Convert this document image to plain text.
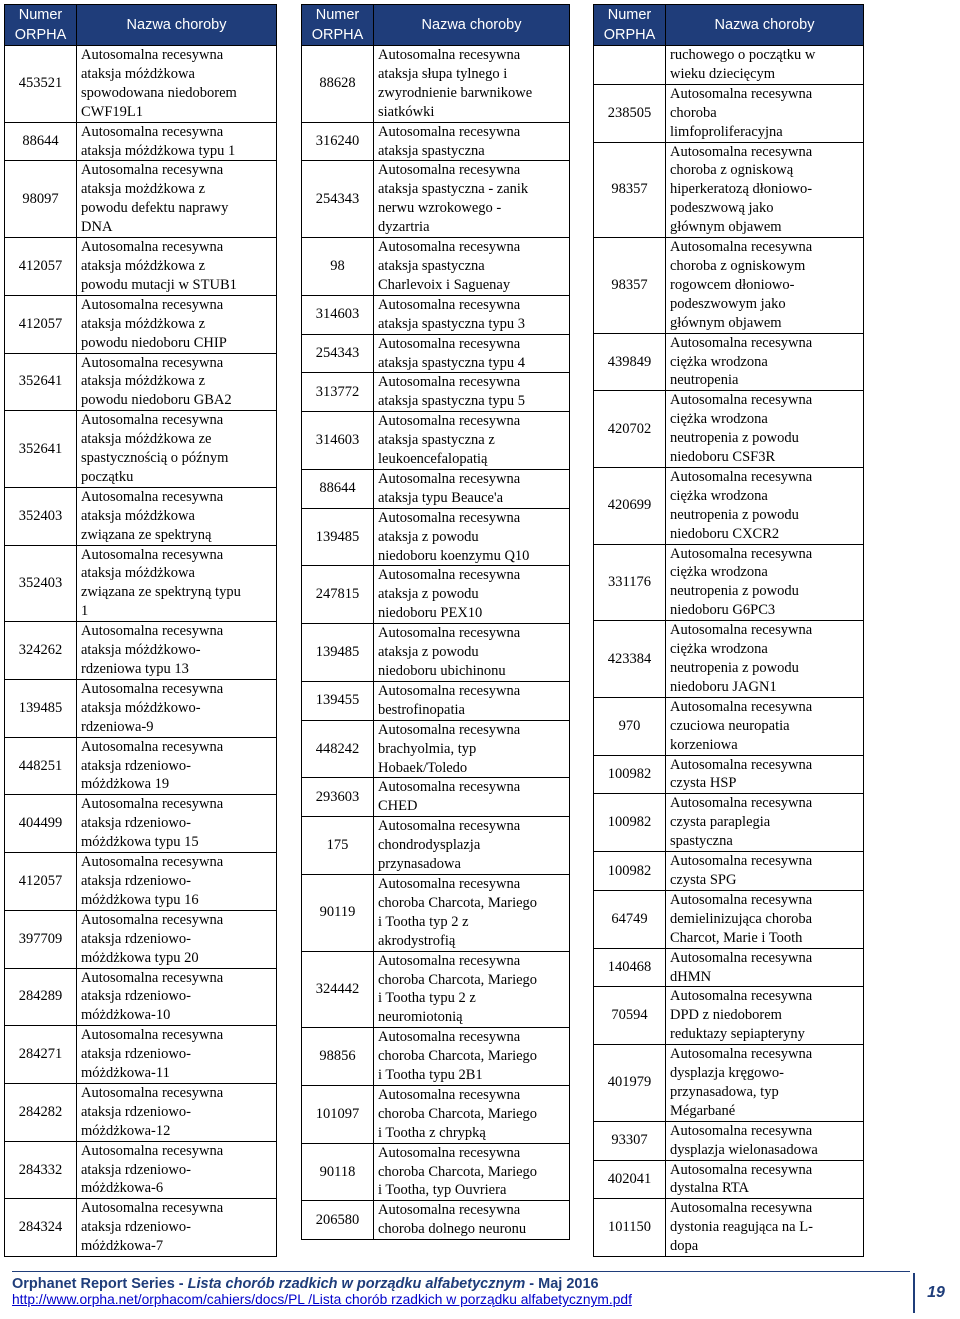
Numer ORPHA	Nazwa choroby
453521	Autosomalna recesywna
ataksja móżdżkowa
spowodowana niedoborem
CWF19L1

88644	Autosomalna recesywna
ataksja móżdżkowa typu 1

98097	Autosomalna recesywna
ataksja możdżkowa z
powodu defektu naprawy
DNA

412057	Autosomalna recesywna
ataksja móżdżkowa z
powodu mutacji w STUB1

412057	Autosomalna recesywna
ataksja móżdżkowa z
powodu niedoboru CHIP

352641	Autosomalna recesywna
ataksja móżdżkowa z
powodu niedoboru GBA2

352641	Autosomalna recesywna
ataksja móżdżkowa ze
spastycznością o późnym
początku

352403	Autosomalna recesywna
ataksja móżdżkowa
związana ze spektryną

352403	Autosomalna recesywna
ataksja móżdżkowa
związana ze spektryną typu
1

324262	Autosomalna recesywna
ataksja móżdżkowo-
rdzeniowa typu 13

139485	Autosomalna recesywna
ataksja móżdżkowo-
rdzeniowa-9

448251	Autosomalna recesywna
ataksja rdzeniowo-
móżdżkowa 19

404499	Autosomalna recesywna
ataksja rdzeniowo-
móżdżkowa typu 15

412057	Autosomalna recesywna
ataksja rdzeniowo-
móżdżkowa typu 16

397709	Autosomalna recesywna
ataksja rdzeniowo-
móżdżkowa typu 20

284289	Autosomalna recesywna
ataksja rdzeniowo-
móżdżkowa-10

284271	Autosomalna recesywna
ataksja rdzeniowo-
móżdżkowa-11

284282	Autosomalna recesywna
ataksja rdzeniowo-
móżdżkowa-12

284332	Autosomalna recesywna
ataksja rdzeniowo-
móżdżkowa-6

284324	Autosomalna recesywna
ataksja rdzeniowo-
móżdżkowa-7
Numer ORPHA	Nazwa choroby
88628	Autosomalna recesywna
ataksja słupa tylnego i
zwyrodnienie barwnikowe
siatkówki

316240	Autosomalna recesywna
ataksja spastyczna

254343	Autosomalna recesywna
ataksja spastyczna - zanik
nerwu wzrokowego -
dyzartria

98	Autosomalna recesywna
ataksja spastyczna
Charlevoix i Saguenay

314603	Autosomalna recesywna
ataksja spastyczna typu 3

254343	Autosomalna recesywna
ataksja spastyczna typu 4

313772	Autosomalna recesywna
ataksja spastyczna typu 5

314603	Autosomalna recesywna
ataksja spastyczna z
leukoencefalopatią

88644	Autosomalna recesywna
ataksja typu Beauce'a

139485	Autosomalna recesywna
ataksja z powodu
niedoboru koenzymu Q10

247815	Autosomalna recesywna
ataksja z powodu
niedoboru PEX10

139485	Autosomalna recesywna
ataksja z powodu
niedoboru ubichinonu

139455	Autosomalna recesywna
bestrofinopatia

448242	Autosomalna recesywna
brachyolmia, typ
Hobaek/Toledo

293603	Autosomalna recesywna
CHED

175	Autosomalna recesywna
chondrodysplazja
przynasadowa

90119	Autosomalna recesywna
choroba Charcota, Mariego
i Tootha typ 2 z
akrodystrofią

324442	Autosomalna recesywna
choroba Charcota, Mariego
i Tootha typu 2 z
neuromiotonią

98856	Autosomalna recesywna
choroba Charcota, Mariego
i Tootha typu 2B1

101097	Autosomalna recesywna
choroba Charcota, Mariego
i Tootha z chrypką

90118	Autosomalna recesywna
choroba Charcota, Mariego
i Tootha, typ Ouvriera

206580	Autosomalna recesywna
choroba dolnego neuronu
Numer ORPHA	Nazwa choroby

	ruchowego o początku w
wieku dziecięcym

238505	Autosomalna recesywna
choroba
limfoproliferacyjna

98357	Autosomalna recesywna
choroba z ogniskową
hiperkeratozą dłoniowo-
podeszwową jako
głównym objawem

98357	Autosomalna recesywna
choroba z ogniskowym
rogowcem dłoniowo-
podeszwowym jako
głównym objawem

439849	Autosomalna recesywna
ciężka wrodzona
neutropenia

420702	Autosomalna recesywna
ciężka wrodzona
neutropenia z powodu
niedoboru CSF3R

420699	Autosomalna recesywna
ciężka wrodzona
neutropenia z powodu
niedoboru CXCR2

331176	Autosomalna recesywna
ciężka wrodzona
neutropenia z powodu
niedoboru G6PC3

423384	Autosomalna recesywna
ciężka wrodzona
neutropenia z powodu
niedoboru JAGN1

970	Autosomalna recesywna
czuciowa neuropatia
korzeniowa

100982	Autosomalna recesywna
czysta HSP

100982	Autosomalna recesywna
czysta paraplegia
spastyczna

100982	Autosomalna recesywna
czysta SPG

64749	Autosomalna recesywna
demielinizująca choroba
Charcot, Marie i Tooth

140468	Autosomalna recesywna
dHMN

70594	Autosomalna recesywna
DPD z niedoborem
reduktazy sepiapteryny

401979	Autosomalna recesywna
dysplazja kręgowo-
przynasadowa, typ
Mégarbané

93307	Autosomalna recesywna
dysplazja wielonasadowa

402041	Autosomalna recesywna
dystalna RTA

101150	Autosomalna recesywna
dystonia reagująca na L-
dopa
Orphanet Report Series - Lista chorób rzadkich w porządku alfabetycznym - Maj 2016
http://www.orpha.net/orphacom/cahiers/docs/PL /Lista chorób rzadkich w porządku alfabetycznym.pdf	19
